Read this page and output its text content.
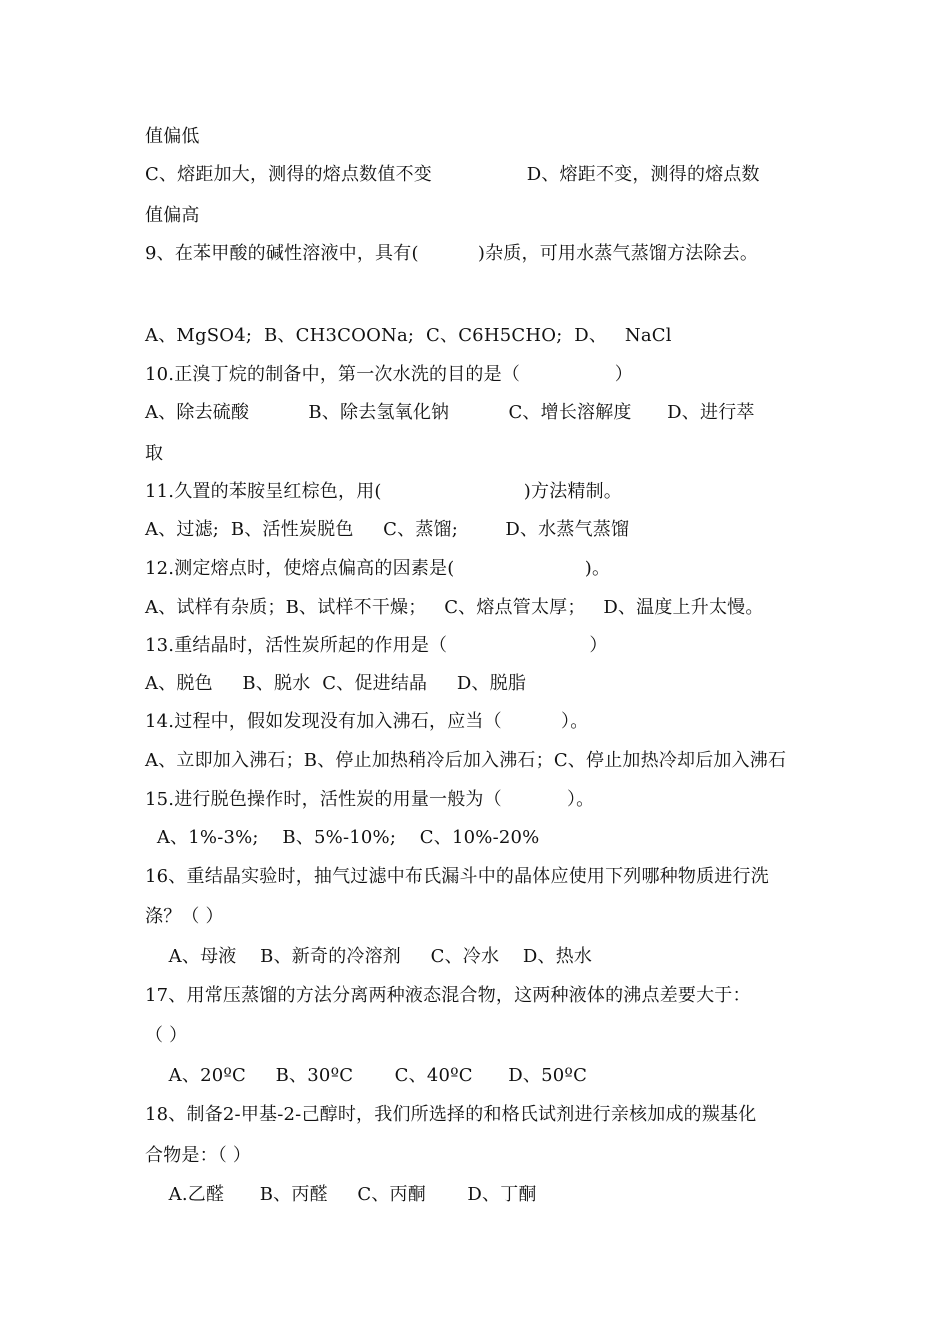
值偏低
C、熔距加大，测得的熔点数值不变                D、熔距不变，测得的熔点数
值偏高
9、在苯甲酸的碱性溶液中，具有(          )杂质，可用水蒸气蒸馏方法除去。
A、MgSO4;  B、CH3COONa;  C、C6H5CHO;  D、   NaCl
10.正溴丁烷的制备中，第一次水洗的目的是（                ）
A、除去硫酸          B、除去氢氧化钠          C、增长溶解度      D、进行萃
取
11.久置的苯胺呈红棕色，用(                        )方法精制。
A、过滤;  B、活性炭脱色     C、蒸馏;        D、水蒸气蒸馏
12.测定熔点时，使熔点偏高的因素是(                      )。
A、试样有杂质；B、试样不干燥；   C、熔点管太厚；   D、温度上升太慢。
13.重结晶时，活性炭所起的作用是（                        ）
A、脱色     B、脱水  C、促进结晶     D、脱脂
14.过程中，假如发现没有加入沸石，应当（          ）。
A、立即加入沸石；B、停止加热稍冷后加入沸石；C、停止加热冷却后加入沸石
15.进行脱色操作时，活性炭的用量一般为（           ）。
A、1%-3%;    B、5%-10%;    C、10%-20%
16、重结晶实验时，抽气过滤中布氏漏斗中的晶体应使用下列哪种物质进行洗
涤？（ ）
A、母液    B、新奇的冷溶剂     C、冷水    D、热水
17、用常压蒸馏的方法分离两种液态混合物，这两种液体的沸点差要大于：
（ ）
A、20ºC     B、30ºC       C、40ºC      D、50ºC
18、制备2-甲基-2-己醇时，我们所选择的和格氏试剂进行亲核加成的羰基化
合物是：（ ）
A.乙醛      B、丙醛     C、丙酮       D、丁酮
